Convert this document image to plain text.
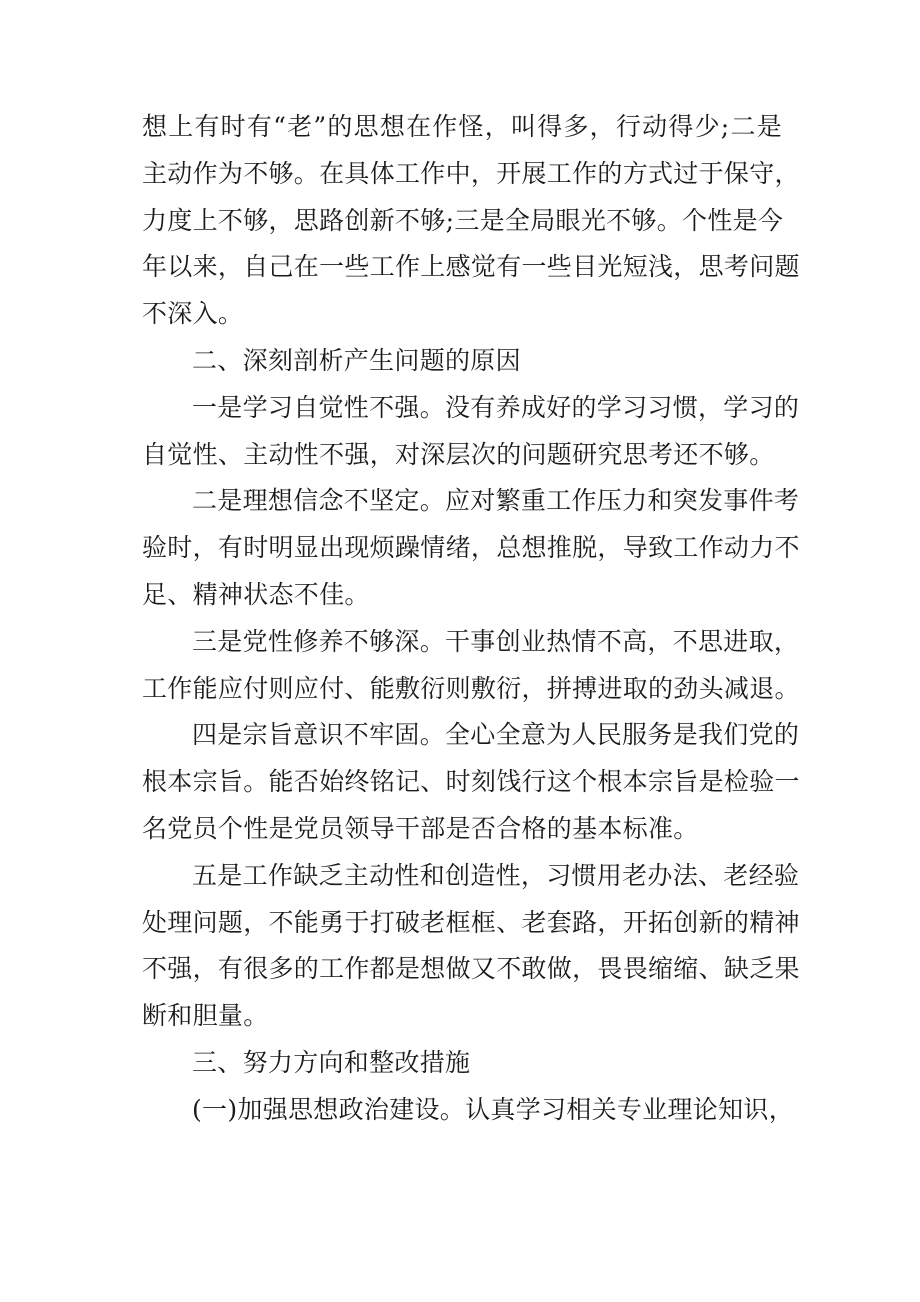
想上有时有“老”的思想在作怪，叫得多，行动得少;二是
主动作为不够。在具体工作中，开展工作的方式过于保守，
力度上不够，思路创新不够;三是全局眼光不够。个性是今
年以来，自己在一些工作上感觉有一些目光短浅，思考问题
不深入。
二、深刻剖析产生问题的原因
一是学习自觉性不强。没有养成好的学习习惯，学习的
自觉性、主动性不强，对深层次的问题研究思考还不够。
二是理想信念不坚定。应对繁重工作压力和突发事件考
验时，有时明显出现烦躁情绪，总想推脱，导致工作动力不
足、精神状态不佳。
三是党性修养不够深。干事创业热情不高，不思进取，
工作能应付则应付、能敷衍则敷衍，拼搏进取的劲头减退。
四是宗旨意识不牢固。全心全意为人民服务是我们党的
根本宗旨。能否始终铭记、时刻饯行这个根本宗旨是检验一
名党员个性是党员领导干部是否合格的基本标准。
五是工作缺乏主动性和创造性，习惯用老办法、老经验
处理问题，不能勇于打破老框框、老套路，开拓创新的精神
不强，有很多的工作都是想做又不敢做，畏畏缩缩、缺乏果
断和胆量。
三、努力方向和整改措施
(一)加强思想政治建设。认真学习相关专业理论知识，
